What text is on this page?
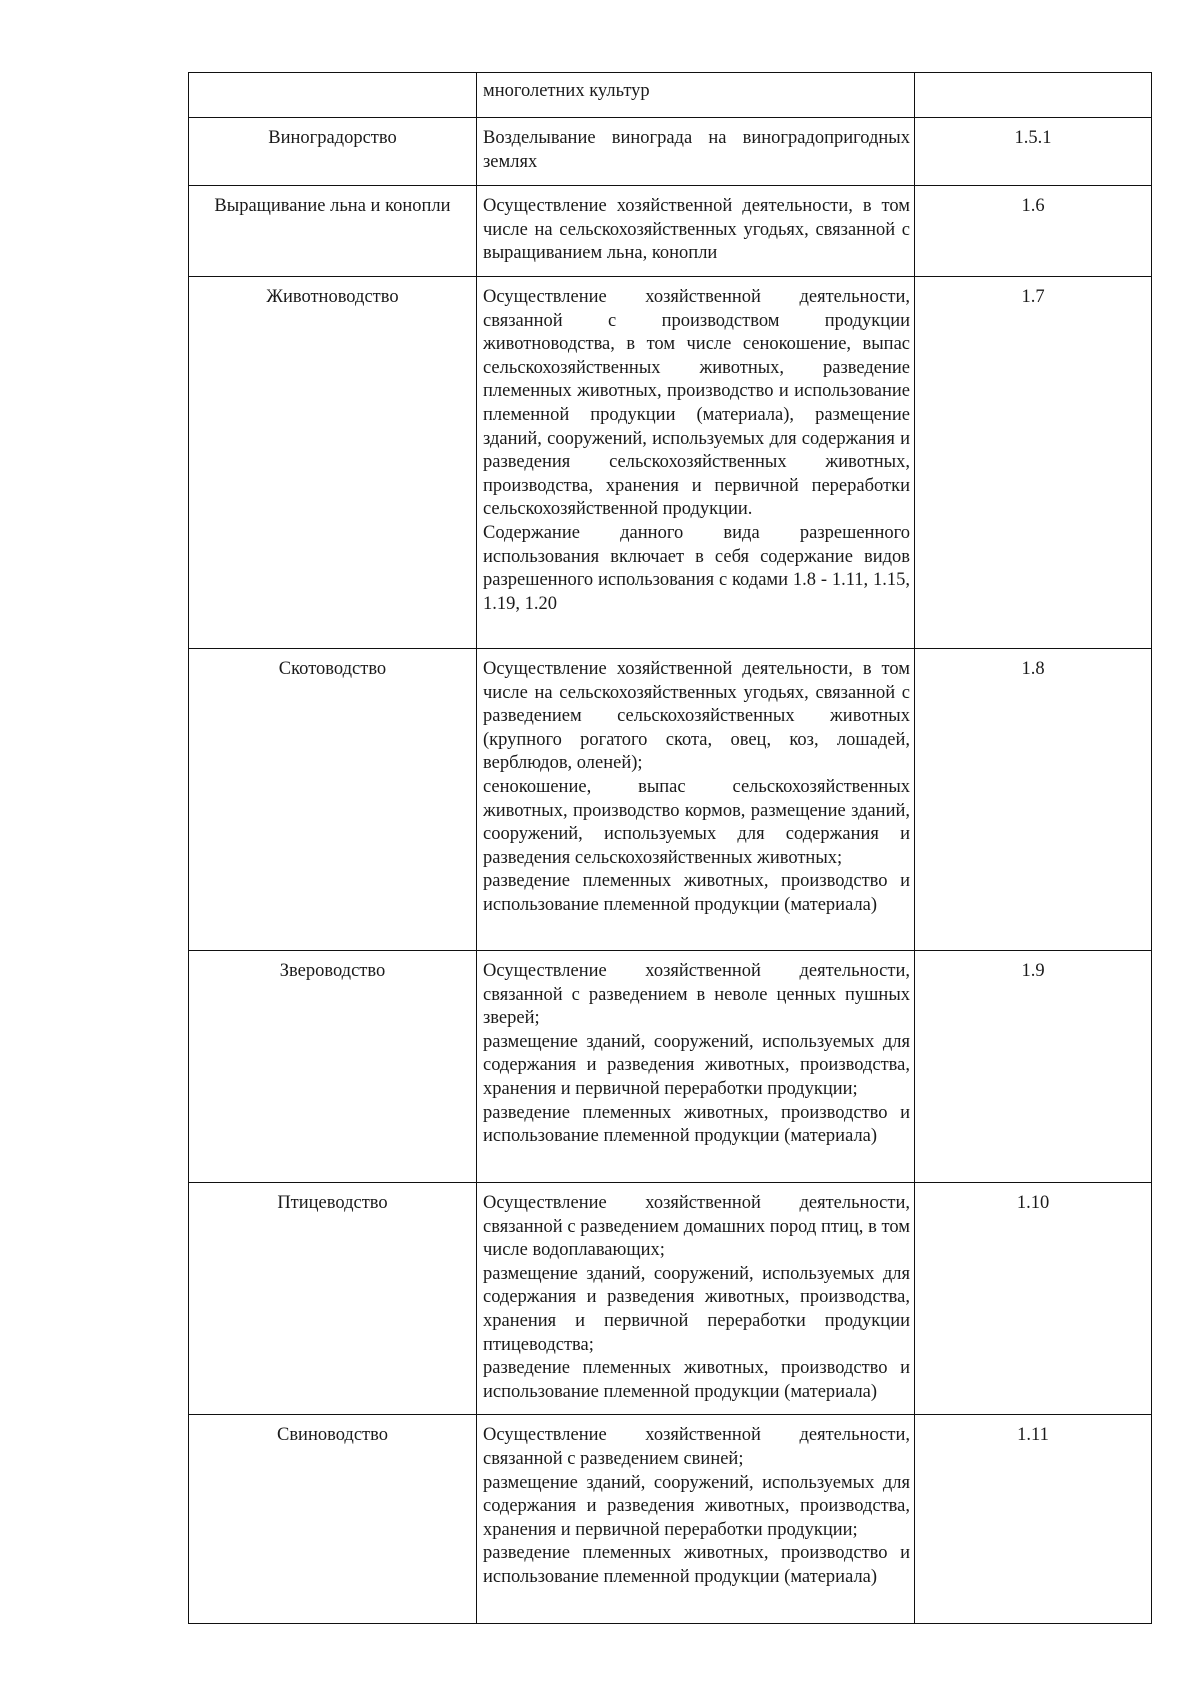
	многолетних культур	

Виноградорство	Возделывание винограда на виноградопригодных землях	1.5.1
Выращивание льна и конопли	Осуществление хозяйственной деятельности, в том числе на сельскохозяйственных угодьях, связанной с выращиванием льна, конопли	1.6
Животноводство	Осуществление хозяйственной деятельности, связанной с производством продукции животноводства, в том числе сенокошение, выпас сельскохозяйственных животных, разведение племенных животных, производство и использование племенной продукции (материала), размещение зданий, сооружений, используемых для содержания и разведения сельскохозяйственных животных, производства, хранения и первичной переработки сельскохозяйственной продукции.
Содержание данного вида разрешенного использования включает в себя содержание видов разрешенного использования с кодами 1.8 - 1.11, 1.15, 1.19, 1.20	1.7
Скотоводство	Осуществление хозяйственной деятельности, в том числе на сельскохозяйственных угодьях, связанной с разведением сельскохозяйственных животных (крупного рогатого скота, овец, коз, лошадей, верблюдов, оленей);
сенокошение, выпас сельскохозяйственных животных, производство кормов, размещение зданий, сооружений, используемых для содержания и разведения сельскохозяйственных животных;
разведение племенных животных, производство и использование племенной продукции (материала)	1.8
Звероводство	Осуществление хозяйственной деятельности, связанной с разведением в неволе ценных пушных зверей;
размещение зданий, сооружений, используемых для содержания и разведения животных, производства, хранения и первичной переработки продукции;
разведение племенных животных, производство и использование племенной продукции (материала)	1.9
Птицеводство	Осуществление хозяйственной деятельности, связанной с разведением домашних пород птиц, в том числе водоплавающих;
размещение зданий, сооружений, используемых для содержания и разведения животных, производства, хранения и первичной переработки продукции птицеводства;
разведение племенных животных, производство и использование племенной продукции (материала)	1.10
Свиноводство	Осуществление хозяйственной деятельности, связанной с разведением свиней;
размещение зданий, сооружений, используемых для содержания и разведения животных, производства, хранения и первичной переработки продукции;
разведение племенных животных, производство и использование племенной продукции (материала)	1.11
